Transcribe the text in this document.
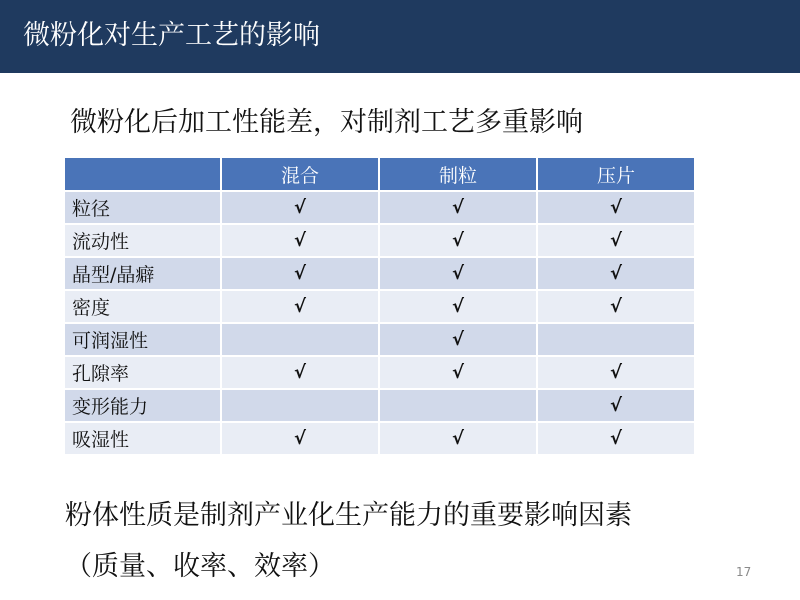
微粉化对生产工艺的影响
微粉化后加工性能差，对制剂工艺多重影响
	混合	制粒	压片
粒径	√	√	√
流动性	√	√	√
晶型/晶癖	√	√	√
密度	√	√	√
可润湿性		√	
孔隙率	√	√	√
变形能力			√
吸湿性	√	√	√
粉体性质是制剂产业化生产能力的重要影响因素
（质量、收率、效率）	17
